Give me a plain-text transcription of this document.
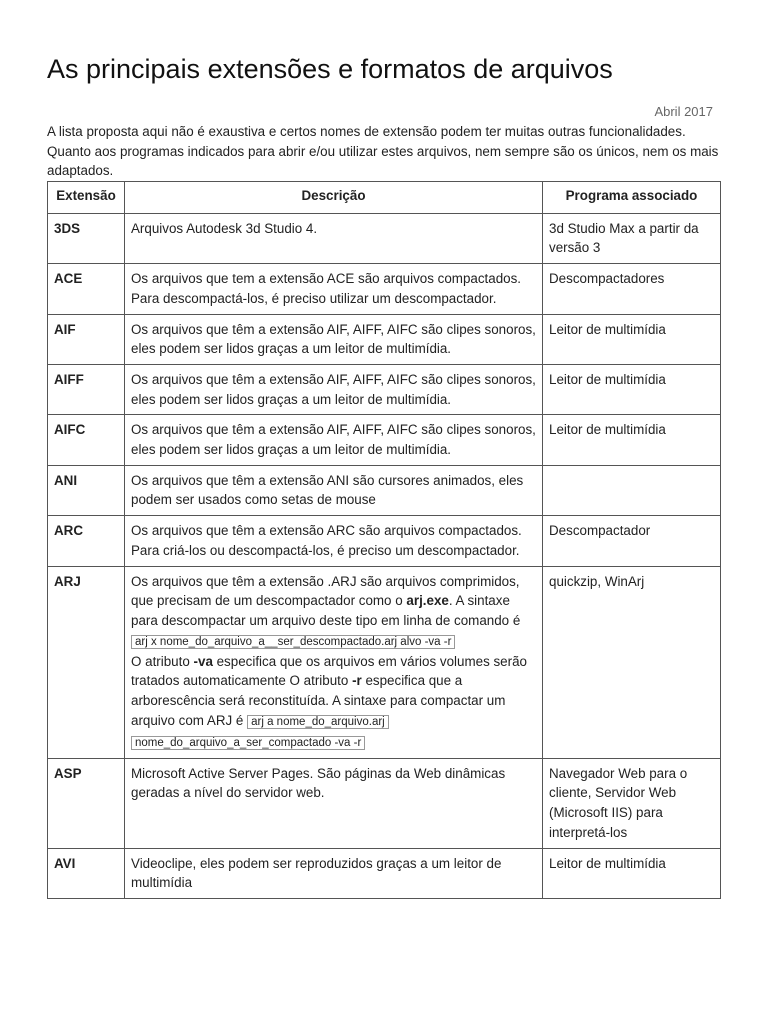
As principais extensões e formatos de arquivos
Abril 2017

A lista proposta aqui não é exaustiva e certos nomes de extensão podem ter muitas outras funcionalidades. Quanto aos programas indicados para abrir e/ou utilizar estes arquivos, nem sempre são os únicos, nem os mais adaptados.

Extensão	Descrição	Programa associado
3DS	Arquivos Autodesk 3d Studio 4.	3d Studio Max a partir da versão 3
ACE	Os arquivos que tem a extensão ACE são arquivos compactados. Para descompactá-los, é preciso utilizar um descompactador.	Descompactadores
AIF	Os arquivos que têm a extensão AIF, AIFF, AIFC são clipes sonoros, eles podem ser lidos graças a um leitor de multimídia.	Leitor de multimídia
AIFF	Os arquivos que têm a extensão AIF, AIFF, AIFC são clipes sonoros, eles podem ser lidos graças a um leitor de multimídia.	Leitor de multimídia
AIFC	Os arquivos que têm a extensão AIF, AIFF, AIFC são clipes sonoros, eles podem ser lidos graças a um leitor de multimídia.	Leitor de multimídia
ANI	Os arquivos que têm a extensão ANI são cursores animados, eles podem ser usados como setas de mouse	
ARC	Os arquivos que têm a extensão ARC são arquivos compactados. Para criá-los ou descompactá-los, é preciso um descompactador.	Descompactador
ARJ	Os arquivos que têm a extensão .ARJ são arquivos comprimidos, que precisam de um descompactador como o arj.exe. A sintaxe para descompactar um arquivo deste tipo em linha de comando é arj x nome_do_arquivo_a__ser_descompactado.arj alvo -va -r
O atributo -va especifica que os arquivos em vários volumes serão tratados automaticamente O atributo -r especifica que a arborescência será reconstituída. A sintaxe para compactar um arquivo com ARJ é arj a nome_do_arquivo.arj nome_do_arquivo_a_ser_compactado -va -r	quickzip, WinArj
ASP	Microsoft Active Server Pages. São páginas da Web dinâmicas geradas a nível do servidor web.	Navegador Web para o cliente, Servidor Web (Microsoft IIS) para interpretá-los
AVI	Videoclipe, eles podem ser reproduzidos graças a um leitor de multimídia	Leitor de multimídia
